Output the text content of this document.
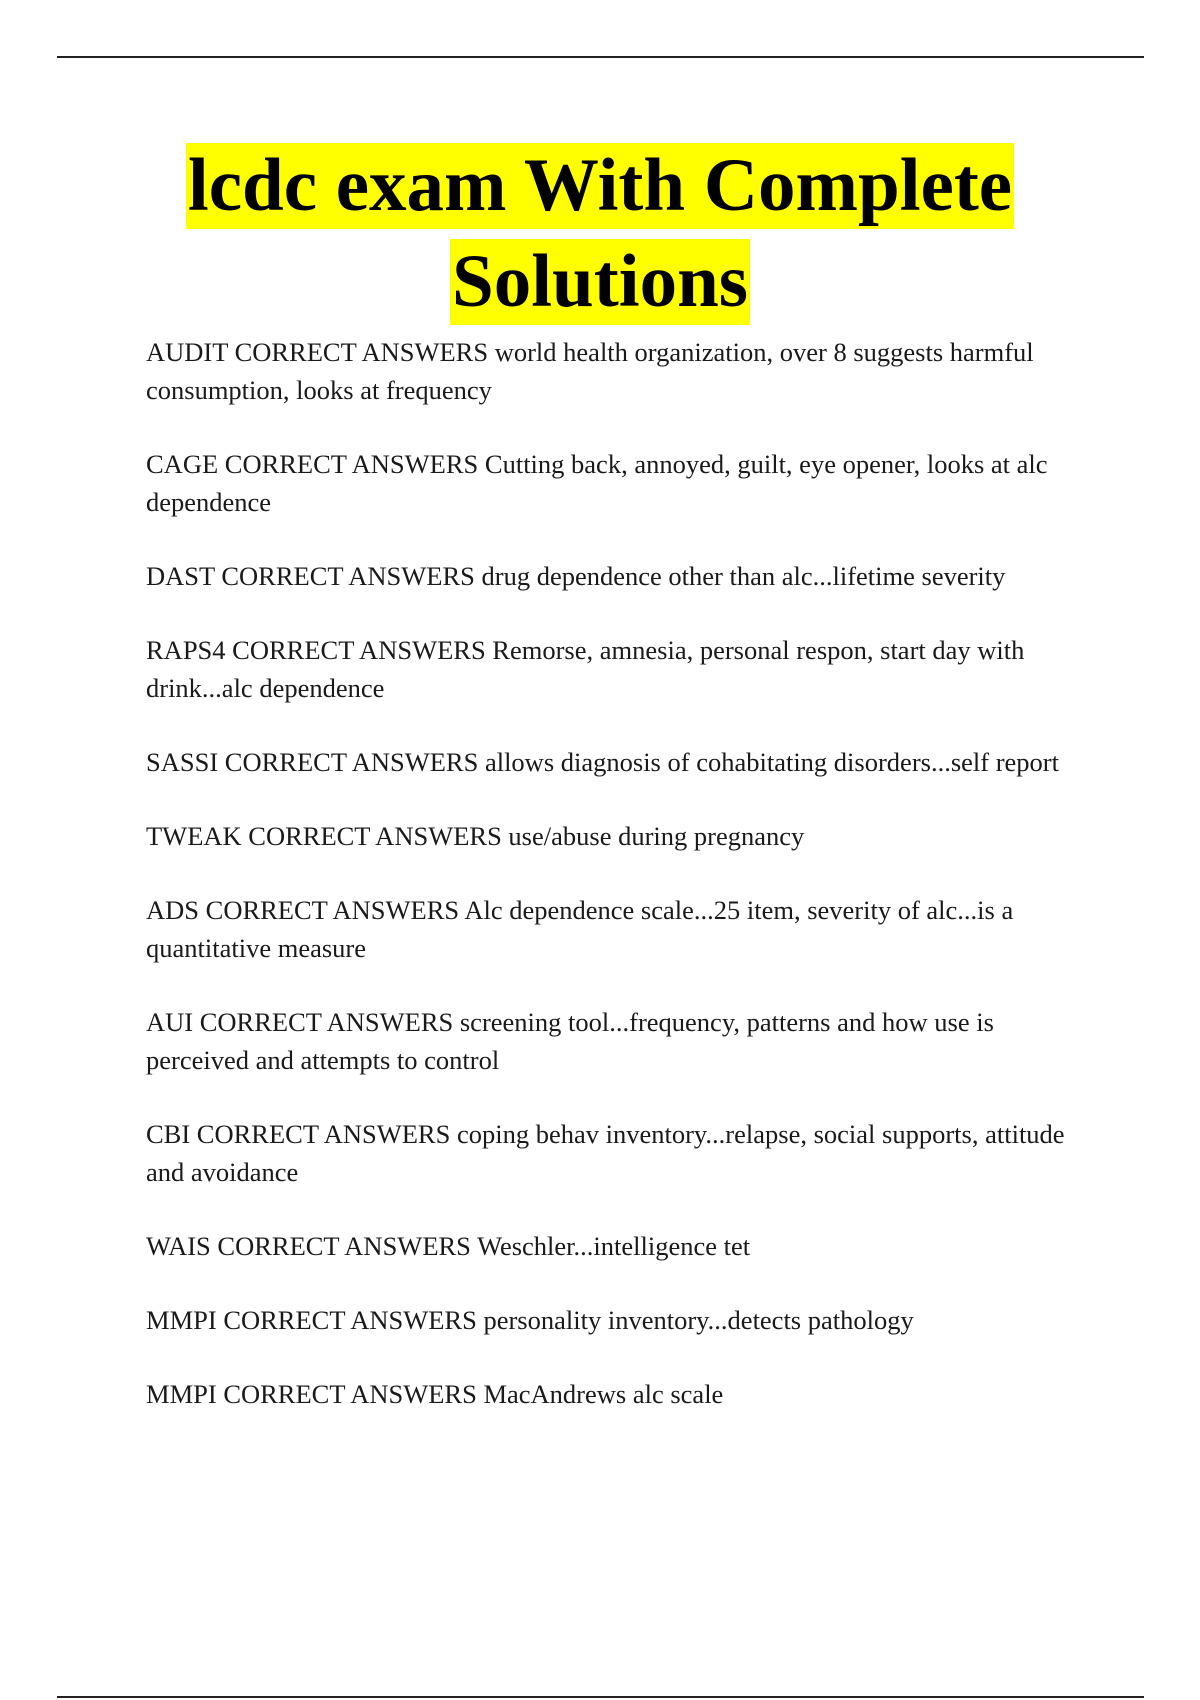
lcdc exam With Complete
Solutions

AUDIT CORRECT ANSWERS world health organization, over 8 suggests harmful consumption, looks at frequency

CAGE CORRECT ANSWERS Cutting back, annoyed, guilt, eye opener, looks at alc dependence

DAST CORRECT ANSWERS drug dependence other than alc...lifetime severity

RAPS4 CORRECT ANSWERS Remorse, amnesia, personal respon, start day with drink...alc dependence

SASSI CORRECT ANSWERS allows diagnosis of cohabitating disorders...self report

TWEAK CORRECT ANSWERS use/abuse during pregnancy

ADS CORRECT ANSWERS Alc dependence scale...25 item, severity of alc...is a quantitative measure

AUI CORRECT ANSWERS screening tool...frequency, patterns and how use is perceived and attempts to control

CBI CORRECT ANSWERS coping behav inventory...relapse, social supports, attitude and avoidance

WAIS CORRECT ANSWERS Weschler...intelligence tet

MMPI CORRECT ANSWERS personality inventory...detects pathology

MMPI CORRECT ANSWERS MacAndrews alc scale
